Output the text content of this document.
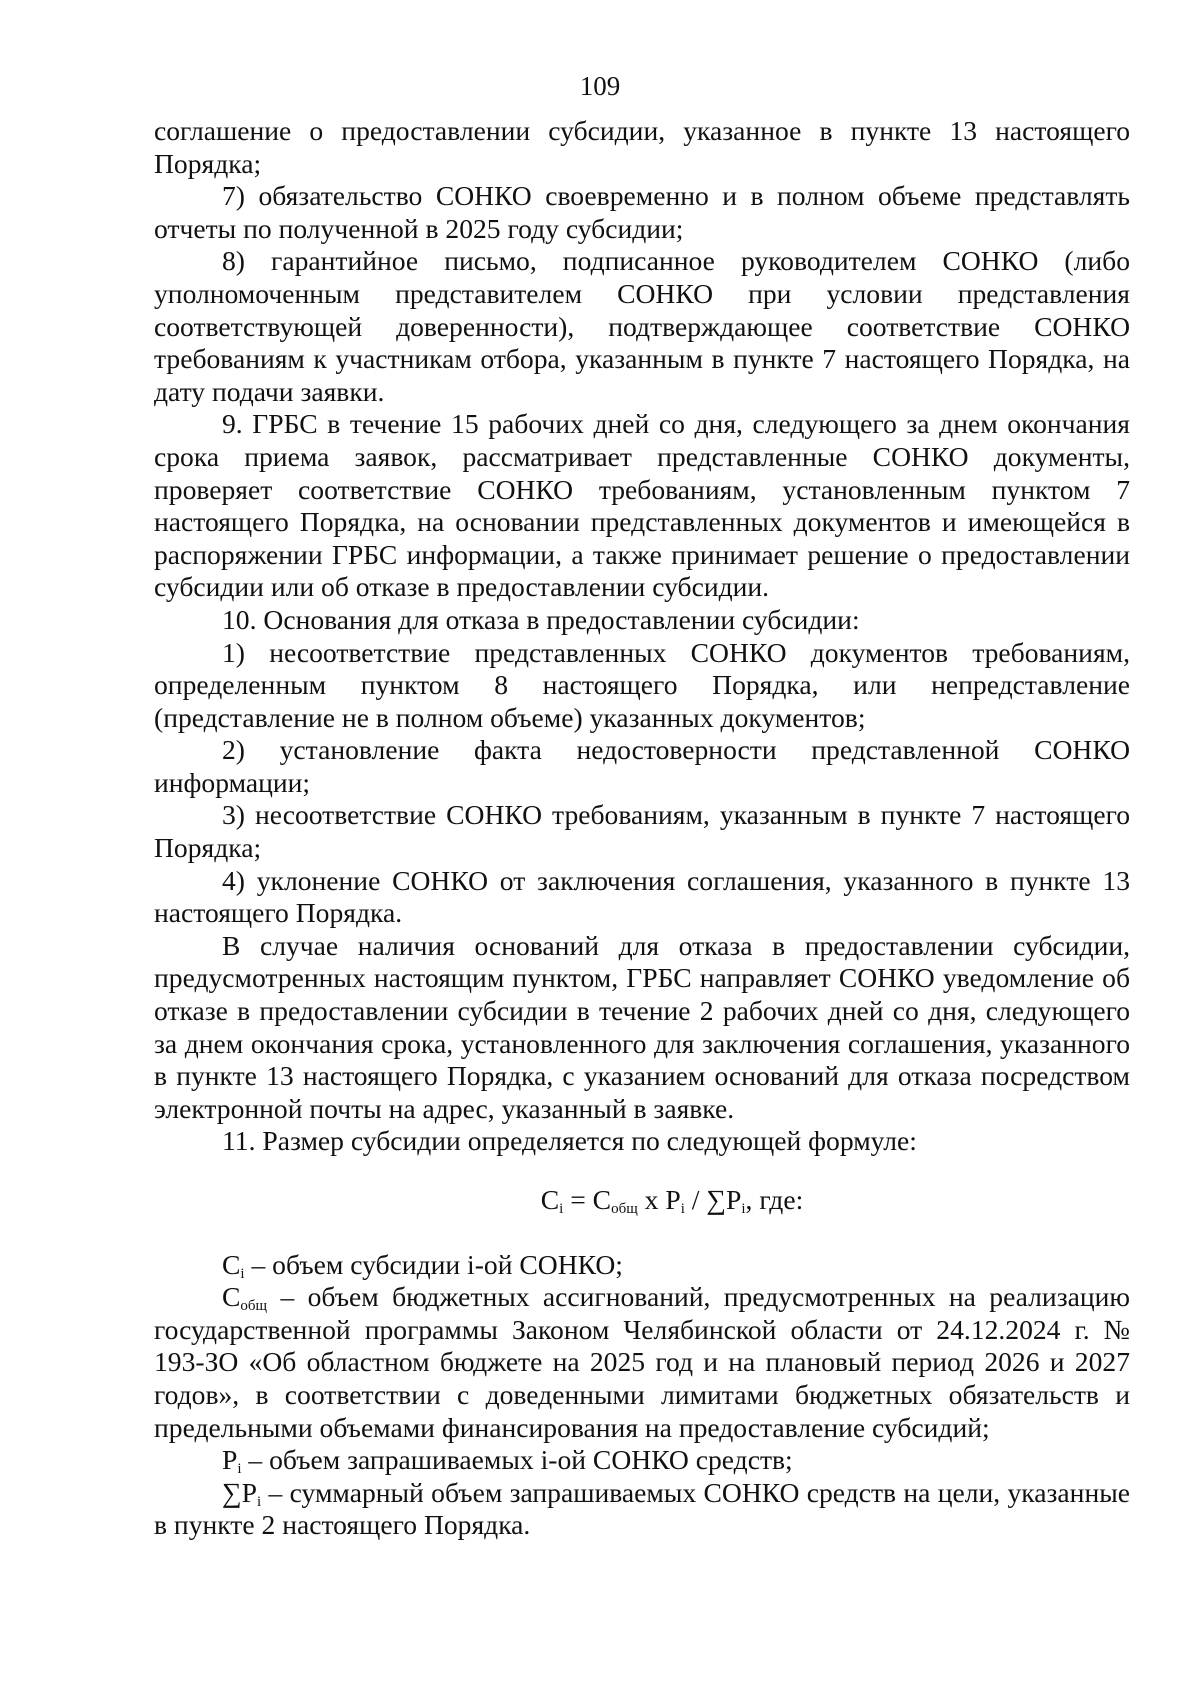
109

соглашение о предоставлении субсидии, указанное в пункте 13 настоящего Порядка;

7) обязательство СОНКО своевременно и в полном объеме представлять отчеты по полученной в 2025 году субсидии;

8) гарантийное письмо, подписанное руководителем СОНКО (либо уполномоченным представителем СОНКО при условии представления соответствующей доверенности), подтверждающее соответствие СОНКО требованиям к участникам отбора, указанным в пункте 7 настоящего Порядка, на дату подачи заявки.

9. ГРБС в течение 15 рабочих дней со дня, следующего за днем окончания срока приема заявок, рассматривает представленные СОНКО документы, проверяет соответствие СОНКО требованиям, установленным пунктом 7 настоящего Порядка, на основании представленных документов и имеющейся в распоряжении ГРБС информации, а также принимает решение о предоставлении субсидии или об отказе в предоставлении субсидии.

10. Основания для отказа в предоставлении субсидии:

1) несоответствие представленных СОНКО документов требованиям, определенным пунктом 8 настоящего Порядка, или непредставление (представление не в полном объеме) указанных документов;

2) установление факта недостоверности представленной СОНКО информации;

3) несоответствие СОНКО требованиям, указанным в пункте 7 настоящего Порядка;

4) уклонение СОНКО от заключения соглашения, указанного в пункте 13 настоящего Порядка.

В случае наличия оснований для отказа в предоставлении субсидии, предусмотренных настоящим пунктом, ГРБС направляет СОНКО уведомление об отказе в предоставлении субсидии в течение 2 рабочих дней со дня, следующего за днем окончания срока, установленного для заключения соглашения, указанного в пункте 13 настоящего Порядка, с указанием оснований для отказа посредством электронной почты на адрес, указанный в заявке.

11. Размер субсидии определяется по следующей формуле:

$C_i = C_{общ}$ x $P_i / \sum P_i$, где:

$C_i$ – объем субсидии i-ой СОНКО;

$C_{общ}$ – объем бюджетных ассигнований, предусмотренных на реализацию государственной программы Законом Челябинской области от 24.12.2024 г. № 193-ЗО «Об областном бюджете на 2025 год и на плановый период 2026 и 2027 годов», в соответствии с доведенными лимитами бюджетных обязательств и предельными объемами финансирования на предоставление субсидий;

$P_i$ – объем запрашиваемых i-ой СОНКО средств;

$\sum P_i$ – суммарный объем запрашиваемых СОНКО средств на цели, указанные в пункте 2 настоящего Порядка.
